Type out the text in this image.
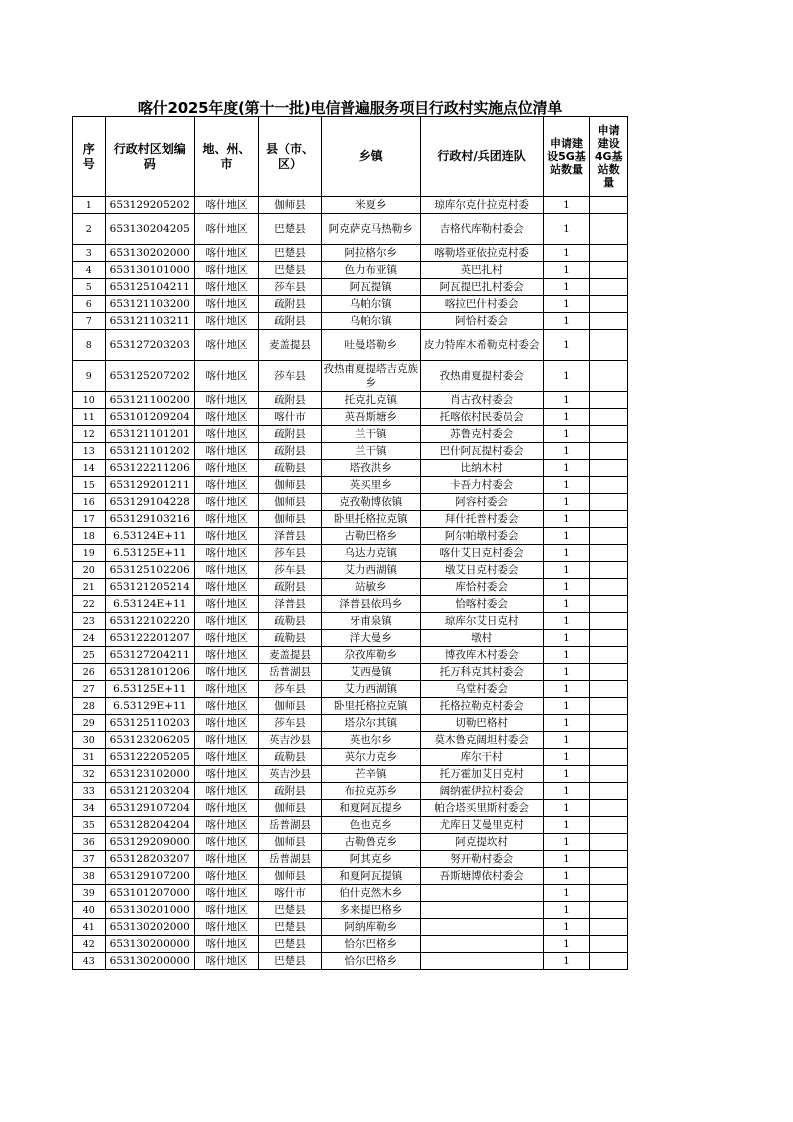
喀什2025年度(第十一批)电信普遍服务项目行政村实施点位清单
序号	行政村区划编码	地、州、市	县（市、区）	乡镇	行政村/兵团连队	申请建设5G基站数量	申请建设4G基站数量
1	653129205202	喀什地区	伽师县	米夏乡	琼库尔克什拉克村委	1	
2	653130204205	喀什地区	巴楚县	阿克萨克马热勒乡	吉格代库勒村委会	1	
3	653130202000	喀什地区	巴楚县	阿拉格尔乡	喀勒塔亚依拉克村委	1	
4	653130101000	喀什地区	巴楚县	色力布亚镇	英巴扎村	1	
5	653125104211	喀什地区	莎车县	阿瓦提镇	阿瓦提巴扎村委会	1	
6	653121103200	喀什地区	疏附县	乌帕尔镇	喀拉巴什村委会	1	
7	653121103211	喀什地区	疏附县	乌帕尔镇	阿恰村委会	1	
8	653127203203	喀什地区	麦盖提县	吐曼塔勒乡	皮力特库木希勒克村委会	1	
9	653125207202	喀什地区	莎车县	孜热甫夏提塔吉克族乡	孜热甫夏提村委会	1	
10	653121100200	喀什地区	疏附县	托克扎克镇	肖古孜村委会	1	
11	653101209204	喀什地区	喀什市	英吾斯塘乡	托喀依村民委员会	1	
12	653121101201	喀什地区	疏附县	兰干镇	苏鲁克村委会	1	
13	653121101202	喀什地区	疏附县	兰干镇	巴什阿瓦提村委会	1	
14	653122211206	喀什地区	疏勒县	塔孜洪乡	比纳木村	1	
15	653129201211	喀什地区	伽师县	英买里乡	卡吾力村委会	1	
16	653129104228	喀什地区	伽师县	克孜勒博依镇	阿容村委会	1	
17	653129103216	喀什地区	伽师县	卧里托格拉克镇	拜什托普村委会	1	
18	6.53124E+11	喀什地区	泽普县	古勒巴格乡	阿尔帕墩村委会	1	
19	6.53125E+11	喀什地区	莎车县	乌达力克镇	喀什艾日克村委会	1	
20	653125102206	喀什地区	莎车县	艾力西湖镇	墩艾日克村委会	1	
21	653121205214	喀什地区	疏附县	站敏乡	库恰村委会	1	
22	6.53124E+11	喀什地区	泽普县	泽普县依玛乡	恰喀村委会	1	
23	653122102220	喀什地区	疏勒县	牙甫泉镇	琼库尔艾日克村	1	
24	653122201207	喀什地区	疏勒县	洋大曼乡	墩村	1	
25	653127204211	喀什地区	麦盖提县	尕孜库勒乡	博孜库木村委会	1	
26	653128101206	喀什地区	岳普湖县	艾西曼镇	托万科克其村委会	1	
27	6.53125E+11	喀什地区	莎车县	艾力西湖镇	乌堂村委会	1	
28	6.53129E+11	喀什地区	伽师县	卧里托格拉克镇	托格拉勒克村委会	1	
29	653125110203	喀什地区	莎车县	塔尕尔其镇	切勒巴格村	1	
30	653123206205	喀什地区	英吉沙县	英也尔乡	莫木鲁克阔坦村委会	1	
31	653122205205	喀什地区	疏勒县	英尔力克乡	库尔干村	1	
32	653123102000	喀什地区	英吉沙县	芒辛镇	托万霍加艾日克村	1	
33	653121203204	喀什地区	疏附县	布拉克苏乡	阔纳霍伊拉村委会	1	
34	653129107204	喀什地区	伽师县	和夏阿瓦提乡	帕合塔买里斯村委会	1	
35	653128204204	喀什地区	岳普湖县	色也克乡	尤库日艾曼里克村	1	
36	653129209000	喀什地区	伽师县	古勒鲁克乡	阿克提坎村	1	
37	653128203207	喀什地区	岳普湖县	阿其克乡	努开勒村委会	1	
38	653129107200	喀什地区	伽师县	和夏阿瓦提镇	吾斯塘博依村委会	1	
39	653101207000	喀什地区	喀什市	伯什克然木乡		1	
40	653130201000	喀什地区	巴楚县	多来提巴格乡		1	
41	653130202000	喀什地区	巴楚县	阿纳库勒乡		1	
42	653130200000	喀什地区	巴楚县	恰尔巴格乡		1	
43	653130200000	喀什地区	巴楚县	恰尔巴格乡		1	
